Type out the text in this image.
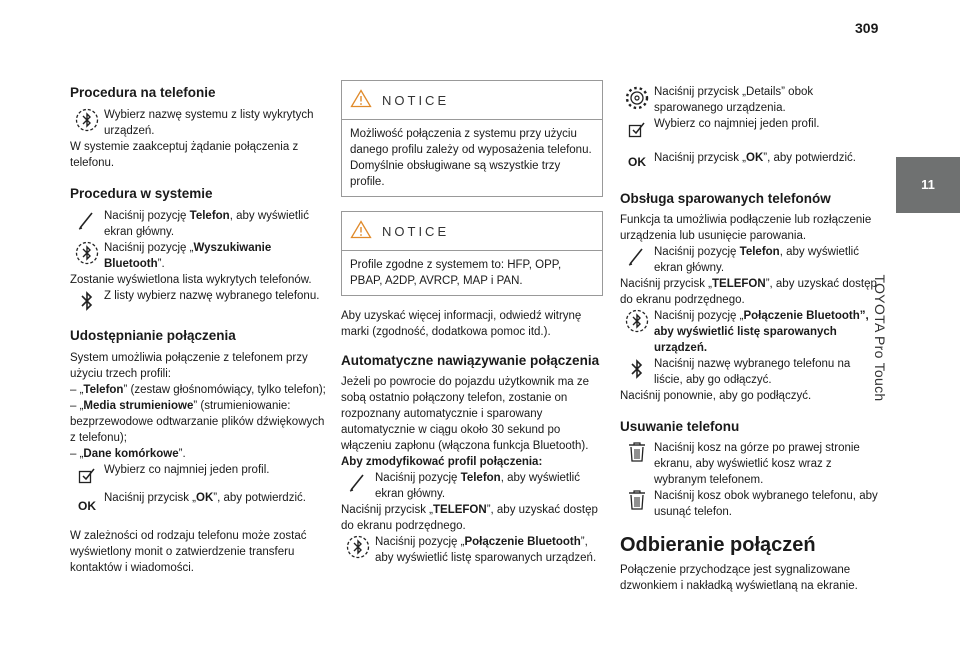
309
11
TOYOTA Pro Touch
Procedura na telefonie

Wybierz nazwę systemu z listy wykrytych urządzeń.

W systemie zaakceptuj żądanie połączenia z telefonu.

Procedura w systemie

Naciśnij pozycję Telefon, aby wyświetlić ekran główny.

Naciśnij pozycję „Wyszukiwanie Bluetooth”.

Zostanie wyświetlona lista wykrytych telefonów.

Z listy wybierz nazwę wybranego telefonu.

Udostępnianie połączenia

System umożliwia połączenie z telefonem przy użyciu trzech profili:

– „Telefon” (zestaw głośnomówiący, tylko telefon);

– „Media strumieniowe” (strumieniowanie: bezprzewodowe odtwarzanie plików dźwiękowych z telefonu);

– „Dane komórkowe”.

Wybierz co najmniej jeden profil.

OK

Naciśnij przycisk „OK”, aby potwierdzić.

W zależności od rodzaju telefonu może zostać wyświetlony monit o zatwierdzenie transferu kontaktów i wiadomości.

NOTICE

Możliwość połączenia z systemu przy użyciu danego profilu zależy od wyposażenia telefonu.

Domyślnie obsługiwane są wszystkie trzy profile.

NOTICE

Profile zgodne z systemem to: HFP, OPP, PBAP, A2DP, AVRCP, MAP i PAN.

Aby uzyskać więcej informacji, odwiedź witrynę marki (zgodność, dodatkowa pomoc itd.).

Automatyczne nawiązywanie połączenia

Jeżeli po powrocie do pojazdu użytkownik ma ze sobą ostatnio połączony telefon, zostanie on rozpoznany automatycznie i sparowany automatycznie w ciągu około 30 sekund po włączeniu zapłonu (włączona funkcja Bluetooth).

Aby zmodyfikować profil połączenia:

Naciśnij pozycję Telefon, aby wyświetlić ekran główny.

Naciśnij przycisk „TELEFON”, aby uzyskać dostęp do ekranu podrzędnego.

Naciśnij pozycję „Połączenie Bluetooth”, aby wyświetlić listę sparowanych urządzeń.

Naciśnij przycisk „Details” obok sparowanego urządzenia.

Wybierz co najmniej jeden profil.

OK Naciśnij przycisk „OK”, aby potwierdzić.

Obsługa sparowanych telefonów

Funkcja ta umożliwia podłączenie lub rozłączenie urządzenia lub usunięcie parowania.

Naciśnij pozycję Telefon, aby wyświetlić ekran główny.

Naciśnij przycisk „TELEFON”, aby uzyskać dostęp do ekranu podrzędnego.

Naciśnij pozycję „Połączenie Bluetooth”, aby wyświetlić listę sparowanych urządzeń.

Naciśnij nazwę wybranego telefonu na liście, aby go odłączyć.

Naciśnij ponownie, aby go podłączyć.

Usuwanie telefonu

Naciśnij kosz na górze po prawej stronie ekranu, aby wyświetlić kosz wraz z wybranym telefonem.

Naciśnij kosz obok wybranego telefonu, aby usunąć telefon.

Odbieranie połączeń

Połączenie przychodzące jest sygnalizowane dzwonkiem i nakładką wyświetlaną na ekranie.
